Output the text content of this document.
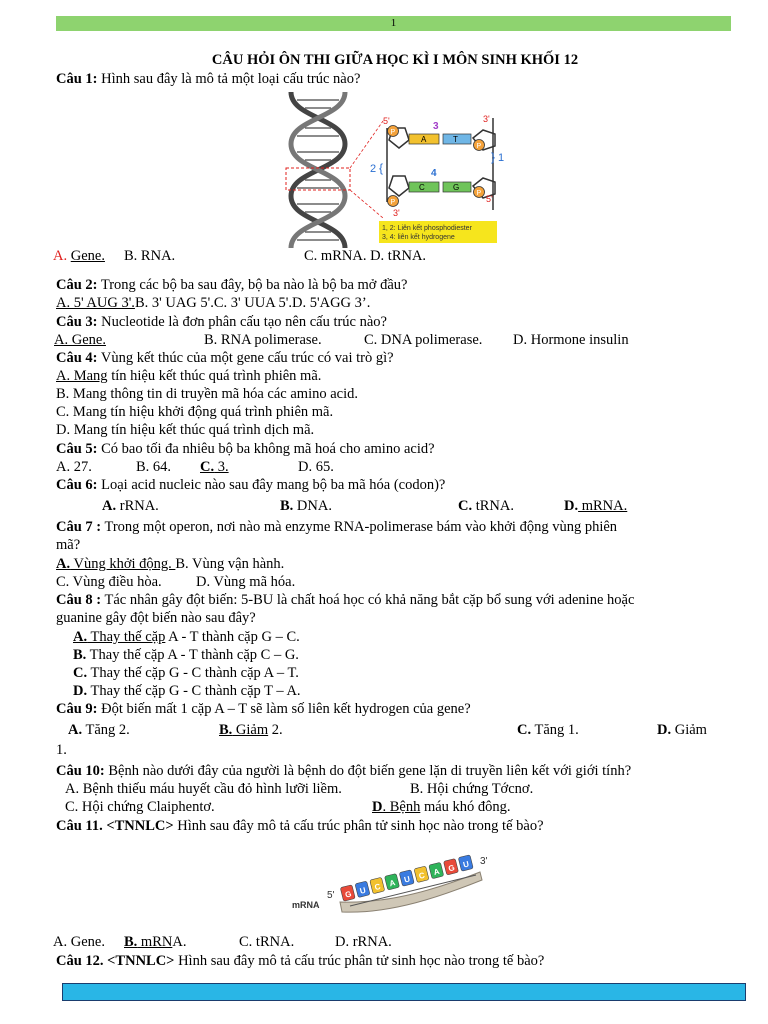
1
CÂU HỎI ÔN THI GIỮA HỌC KÌ I MÔN SINH KHỐI 12
Câu 1: Hình sau đây là mô tả một loại cấu trúc nào?
P
P
P
P
A	T
C	G
5'	3'
3
2 {
} 1
4
3'
5'
1, 2: Liên kết phosphodiester
3, 4: liên kết hydrogene
A. Gene. B. RNA.	C. mRNA. D. tRNA.
Câu 2: Trong các bộ ba sau đây, bộ ba nào là bộ ba mở đầu?
A. 5' AUG 3'.B. 3' UAG 5'.C. 3' UUA 5'.D. 5'AGG 3’.
Câu 3: Nucleotide là đơn phân cấu tạo nên cấu trúc nào?
A. Gene.	B. RNA polimerase.	C. DNA polimerase. D. Hormone insulin
Câu 4: Vùng kết thúc của một gene cấu trúc có vai trò gì?
A. Mang tín hiệu kết thúc quá trình phiên mã.
B. Mang thông tin di truyền mã hóa các amino acid.
C. Mang tín hiệu khởi động quá trình phiên mã.
D. Mang tín hiệu kết thúc quá trình dịch mã.
Câu 5: Có bao tối đa nhiêu bộ ba không mã hoá cho amino acid?
A. 27.	B. 64. C. 3.	D. 65.
Câu 6: Loại acid nucleic nào sau đây mang bộ ba mã hóa (codon)?
A. rRNA.	B. DNA.	C. tRNA.	D. mRNA.
Câu 7 : Trong một operon, nơi nào mà enzyme RNA-polimerase bám vào khởi động vùng phiên
mã?
A. Vùng khởi động. B. Vùng vận hành.
C. Vùng điều hòa. D. Vùng mã hóa.
Câu 8 : Tác nhân gây đột biến: 5-BU là chất hoá học có khả năng bắt cặp bổ sung với adenine hoặc
guanine gây đột biến nào sau đây?
A. Thay thế cặp A - T thành cặp G – C.
B. Thay thế cặp A - T thành cặp C – G.
C. Thay thế cặp G - C thành cặp A – T.
D. Thay thế cặp G - C thành cặp T – A.
Câu 9: Đột biến mất 1 cặp A – T sẽ làm số liên kết hydrogen của gene?
A. Tăng 2.	B. Giảm 2.	C. Tăng 1.	D. Giảm
1.
Câu 10: Bệnh nào dưới đây của người là bệnh do đột biến gene lặn di truyền liên kết với giới tính?
A. Bệnh thiếu máu huyết cầu đỏ hình lưỡi liềm.	B. Hội chứng Tớcnơ.
C. Hội chứng Claiphentơ.	D. Bệnh máu khó đông.
Câu 11. <TNNLC> Hình sau đây mô tả cấu trúc phân tử sinh học nào trong tế bào?
mRNA
5'
3'
G U C A U C A G U
A. Gene. B. mRNA.	C. tRNA.	D. rRNA.
Câu 12. <TNNLC> Hình sau đây mô tả cấu trúc phân tử sinh học nào trong tế bào?
